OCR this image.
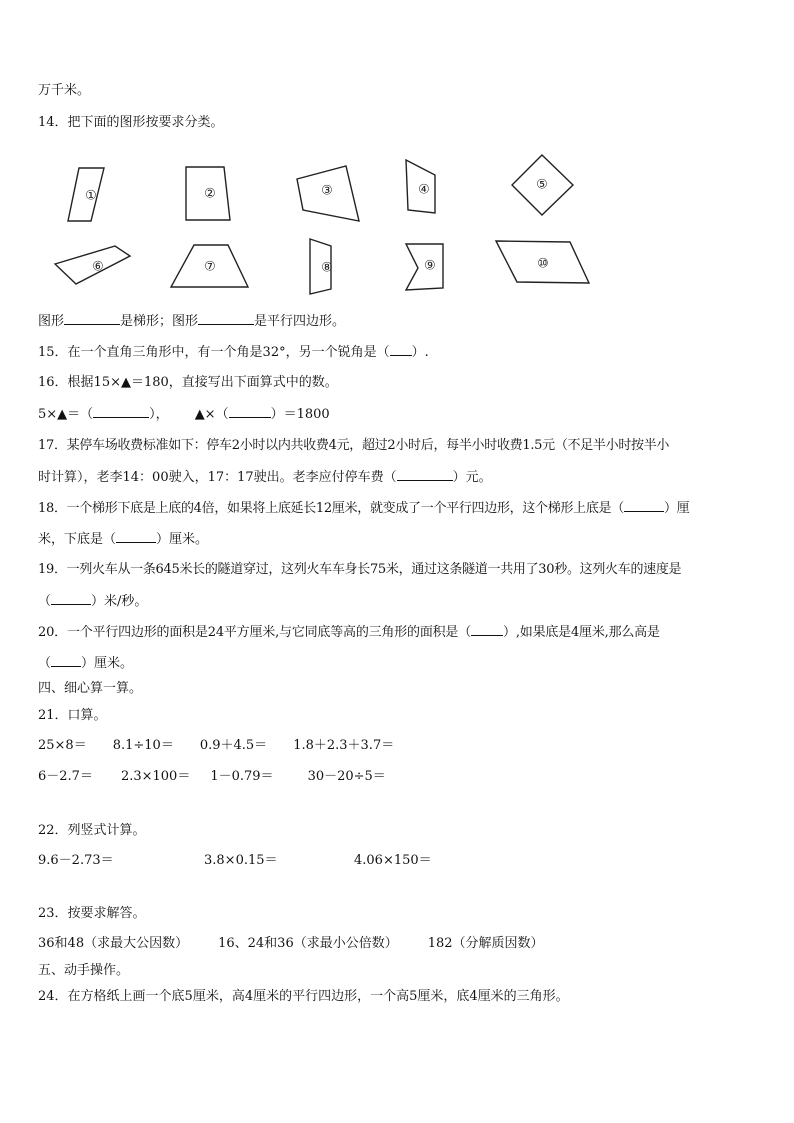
万千米。
14．把下面的图形按要求分类。
①	②	③	④	⑤
⑥	⑦	⑧	⑨	⑩
图形	是梯形；图形	是平行四边形。
15．在一个直角三角形中，有一个角是32°，另一个锐角是（ ）.
16．根据15×▲＝180，直接写出下面算式中的数。
5×▲＝（	）， ▲×（	）＝1800
17．某停车场收费标准如下：停车2小时以内共收费4元，超过2小时后，每半小时收费1.5元（不足半小时按半小
时计算），老李14：00驶入，17：17驶出。老李应付停车费（	）元。
18．一个梯形下底是上底的4倍，如果将上底延长12厘米，就变成了一个平行四边形，这个梯形上底是（	）厘
米，下底是（	）厘米。
19．一列火车从一条645米长的隧道穿过，这列火车车身长75米，通过这条隧道一共用了30秒。这列火车的速度是
（	）米/秒。
20．一个平行四边形的面积是24平方厘米,与它同底等高的三角形的面积是（ ）,如果底是4厘米,那么高是
（ ）厘米。
四、细心算一算。
21．口算。
25×8＝ 8.1÷10＝ 0.9＋4.5＝ 1.8＋2.3＋3.7＝
6－2.7＝ 2.3×100＝ 1－0.79＝	30－20÷5＝
22．列竖式计算。
9.6－2.73＝	3.8×0.15＝	4.06×150＝
23．按要求解答。
36和48（求最大公因数） 16、24和36（求最小公倍数） 182（分解质因数）
五、动手操作。
24．在方格纸上画一个底5厘米，高4厘米的平行四边形，一个高5厘米，底4厘米的三角形。
